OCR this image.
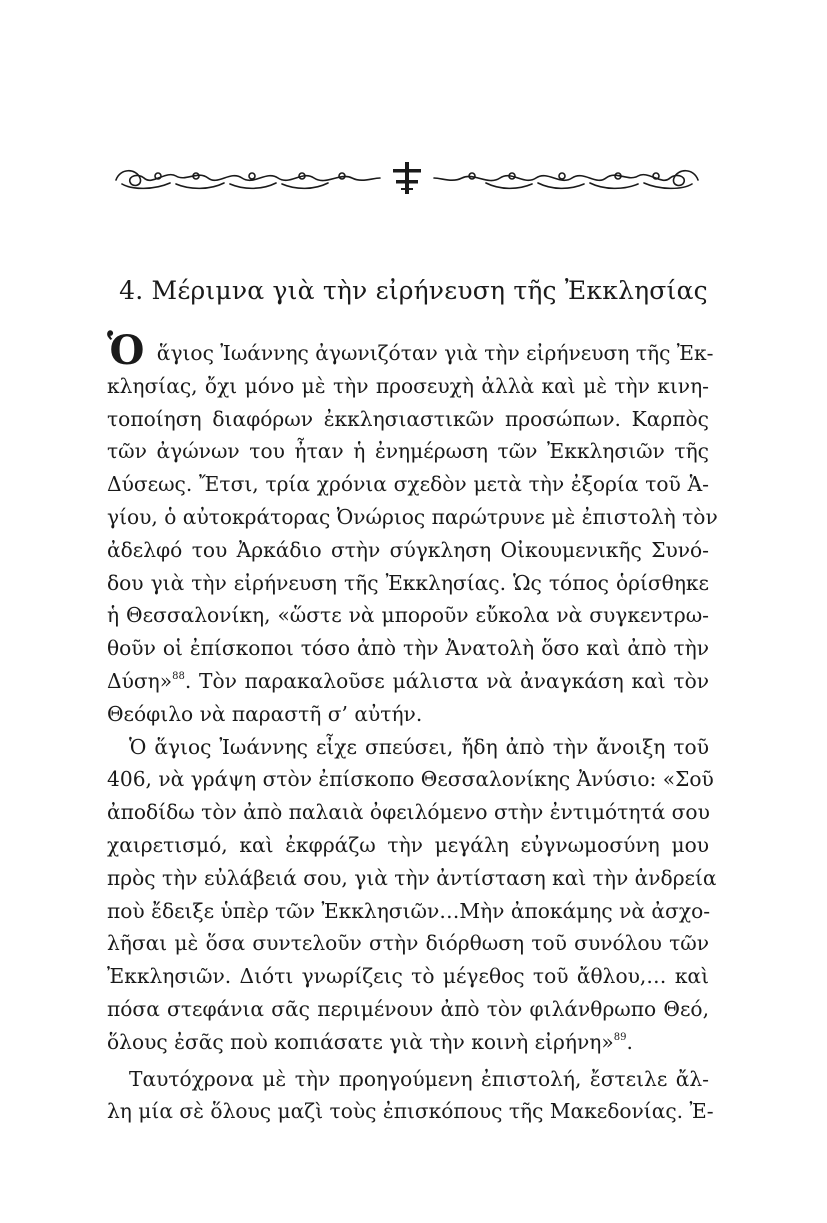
4. Μέριμνα γιὰ τὴν εἰρήνευση τῆς Ἐκκλησίας
Ὁ ἅγιος Ἰωάννης ἀγωνιζόταν γιὰ τὴν εἰρήνευση τῆς Ἐκ-
κλησίας, ὄχι μόνο μὲ τὴν προσευχὴ ἀλλὰ καὶ μὲ τὴν κινη-
τοποίηση διαφόρων ἐκκλησιαστικῶν προσώπων. Καρπὸς
τῶν ἀγώνων του ἦταν ἡ ἐνημέρωση τῶν Ἐκκλησιῶν τῆς
Δύσεως. Ἔτσι, τρία χρόνια σχεδὸν μετὰ τὴν ἐξορία τοῦ Ἁ-
γίου, ὁ αὐτοκράτορας Ὀνώριος παρώτρυνε μὲ ἐπιστολὴ τὸν
ἀδελφό του Ἀρκάδιο στὴν σύγκληση Οἰκουμενικῆς Συνό-
δου γιὰ τὴν εἰρήνευση τῆς Ἐκκλησίας. Ὡς τόπος ὁρίσθηκε
ἡ Θεσσαλονίκη, «ὥστε νὰ μποροῦν εὔκολα νὰ συγκεντρω-
θοῦν οἱ ἐπίσκοποι τόσο ἀπὸ τὴν Ἀνατολὴ ὅσο καὶ ἀπὸ τὴν
Δύση»$^{88}$. Τὸν παρακαλοῦσε μάλιστα νὰ ἀναγκάση καὶ τὸν
Θεόφιλο νὰ παραστῆ σ’ αὐτήν.
Ὁ ἅγιος Ἰωάννης εἶχε σπεύσει, ἤδη ἀπὸ τὴν ἄνοιξη τοῦ
406, νὰ γράψη στὸν ἐπίσκοπο Θεσσαλονίκης Ἀνύσιο: «Σοῦ
ἀποδίδω τὸν ἀπὸ παλαιὰ ὀφειλόμενο στὴν ἐντιμότητά σου
χαιρετισμό, καὶ ἐκφράζω τὴν μεγάλη εὐγνωμοσύνη μου
πρὸς τὴν εὐλάβειά σου, γιὰ τὴν ἀντίσταση καὶ τὴν ἀνδρεία
ποὺ ἔδειξε ὑπὲρ τῶν Ἐκκλησιῶν…Μὴν ἀποκάμης νὰ ἀσχο-
λῆσαι μὲ ὅσα συντελοῦν στὴν διόρθωση τοῦ συνόλου τῶν
Ἐκκλησιῶν. Διότι γνωρίζεις τὸ μέγεθος τοῦ ἄθλου,… καὶ
πόσα στεφάνια σᾶς περιμένουν ἀπὸ τὸν φιλάνθρωπο Θεό,
ὅλους ἐσᾶς ποὺ κοπιάσατε γιὰ τὴν κοινὴ εἰρήνη»$^{89}$.
Ταυτόχρονα μὲ τὴν προηγούμενη ἐπιστολή, ἔστειλε ἄλ-
λη μία σὲ ὅλους μαζὶ τοὺς ἐπισκόπους τῆς Μακεδονίας. Ἐ-
